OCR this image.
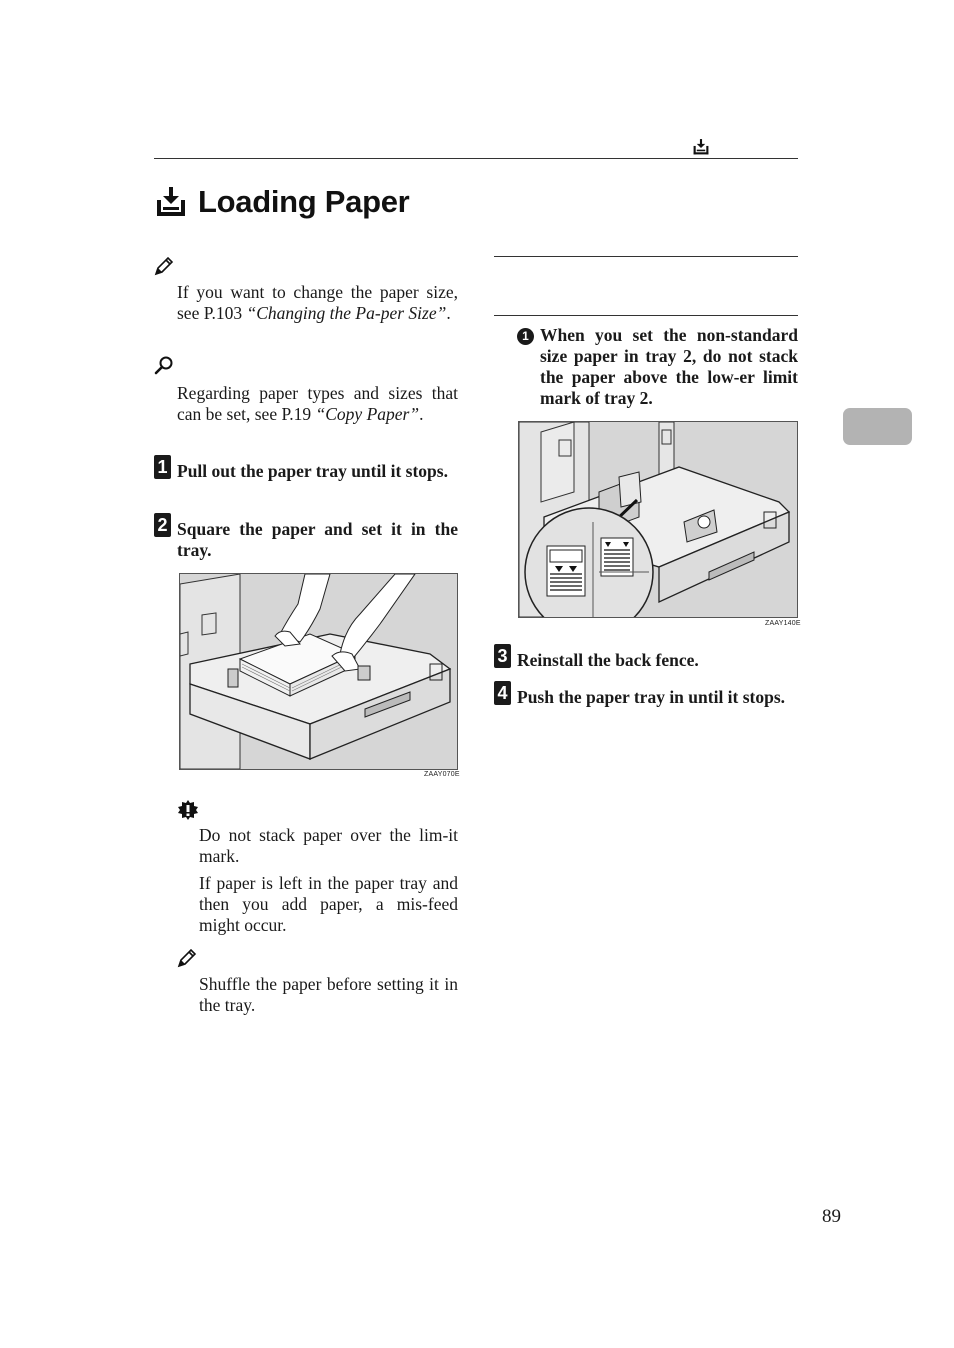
Loading Paper
If you want to change the paper size, see P.103 “Changing the Pa-per Size”.
Regarding paper types and sizes that can be set, see P.19 “Copy Paper”.
1 Pull out the paper tray until it stops.
2 Square the paper and set it in the tray.
ZAAY070E
Do not stack paper over the lim-it mark.
If paper is left in the paper tray and then you add paper, a mis-feed might occur.
Shuffle the paper before setting it in the tray.
1 When you set the non-standard size paper in tray 2, do not stack the paper above the low-er limit mark of tray 2.
ZAAY140E
3 Reinstall the back fence.
4 Push the paper tray in until it stops.
89
